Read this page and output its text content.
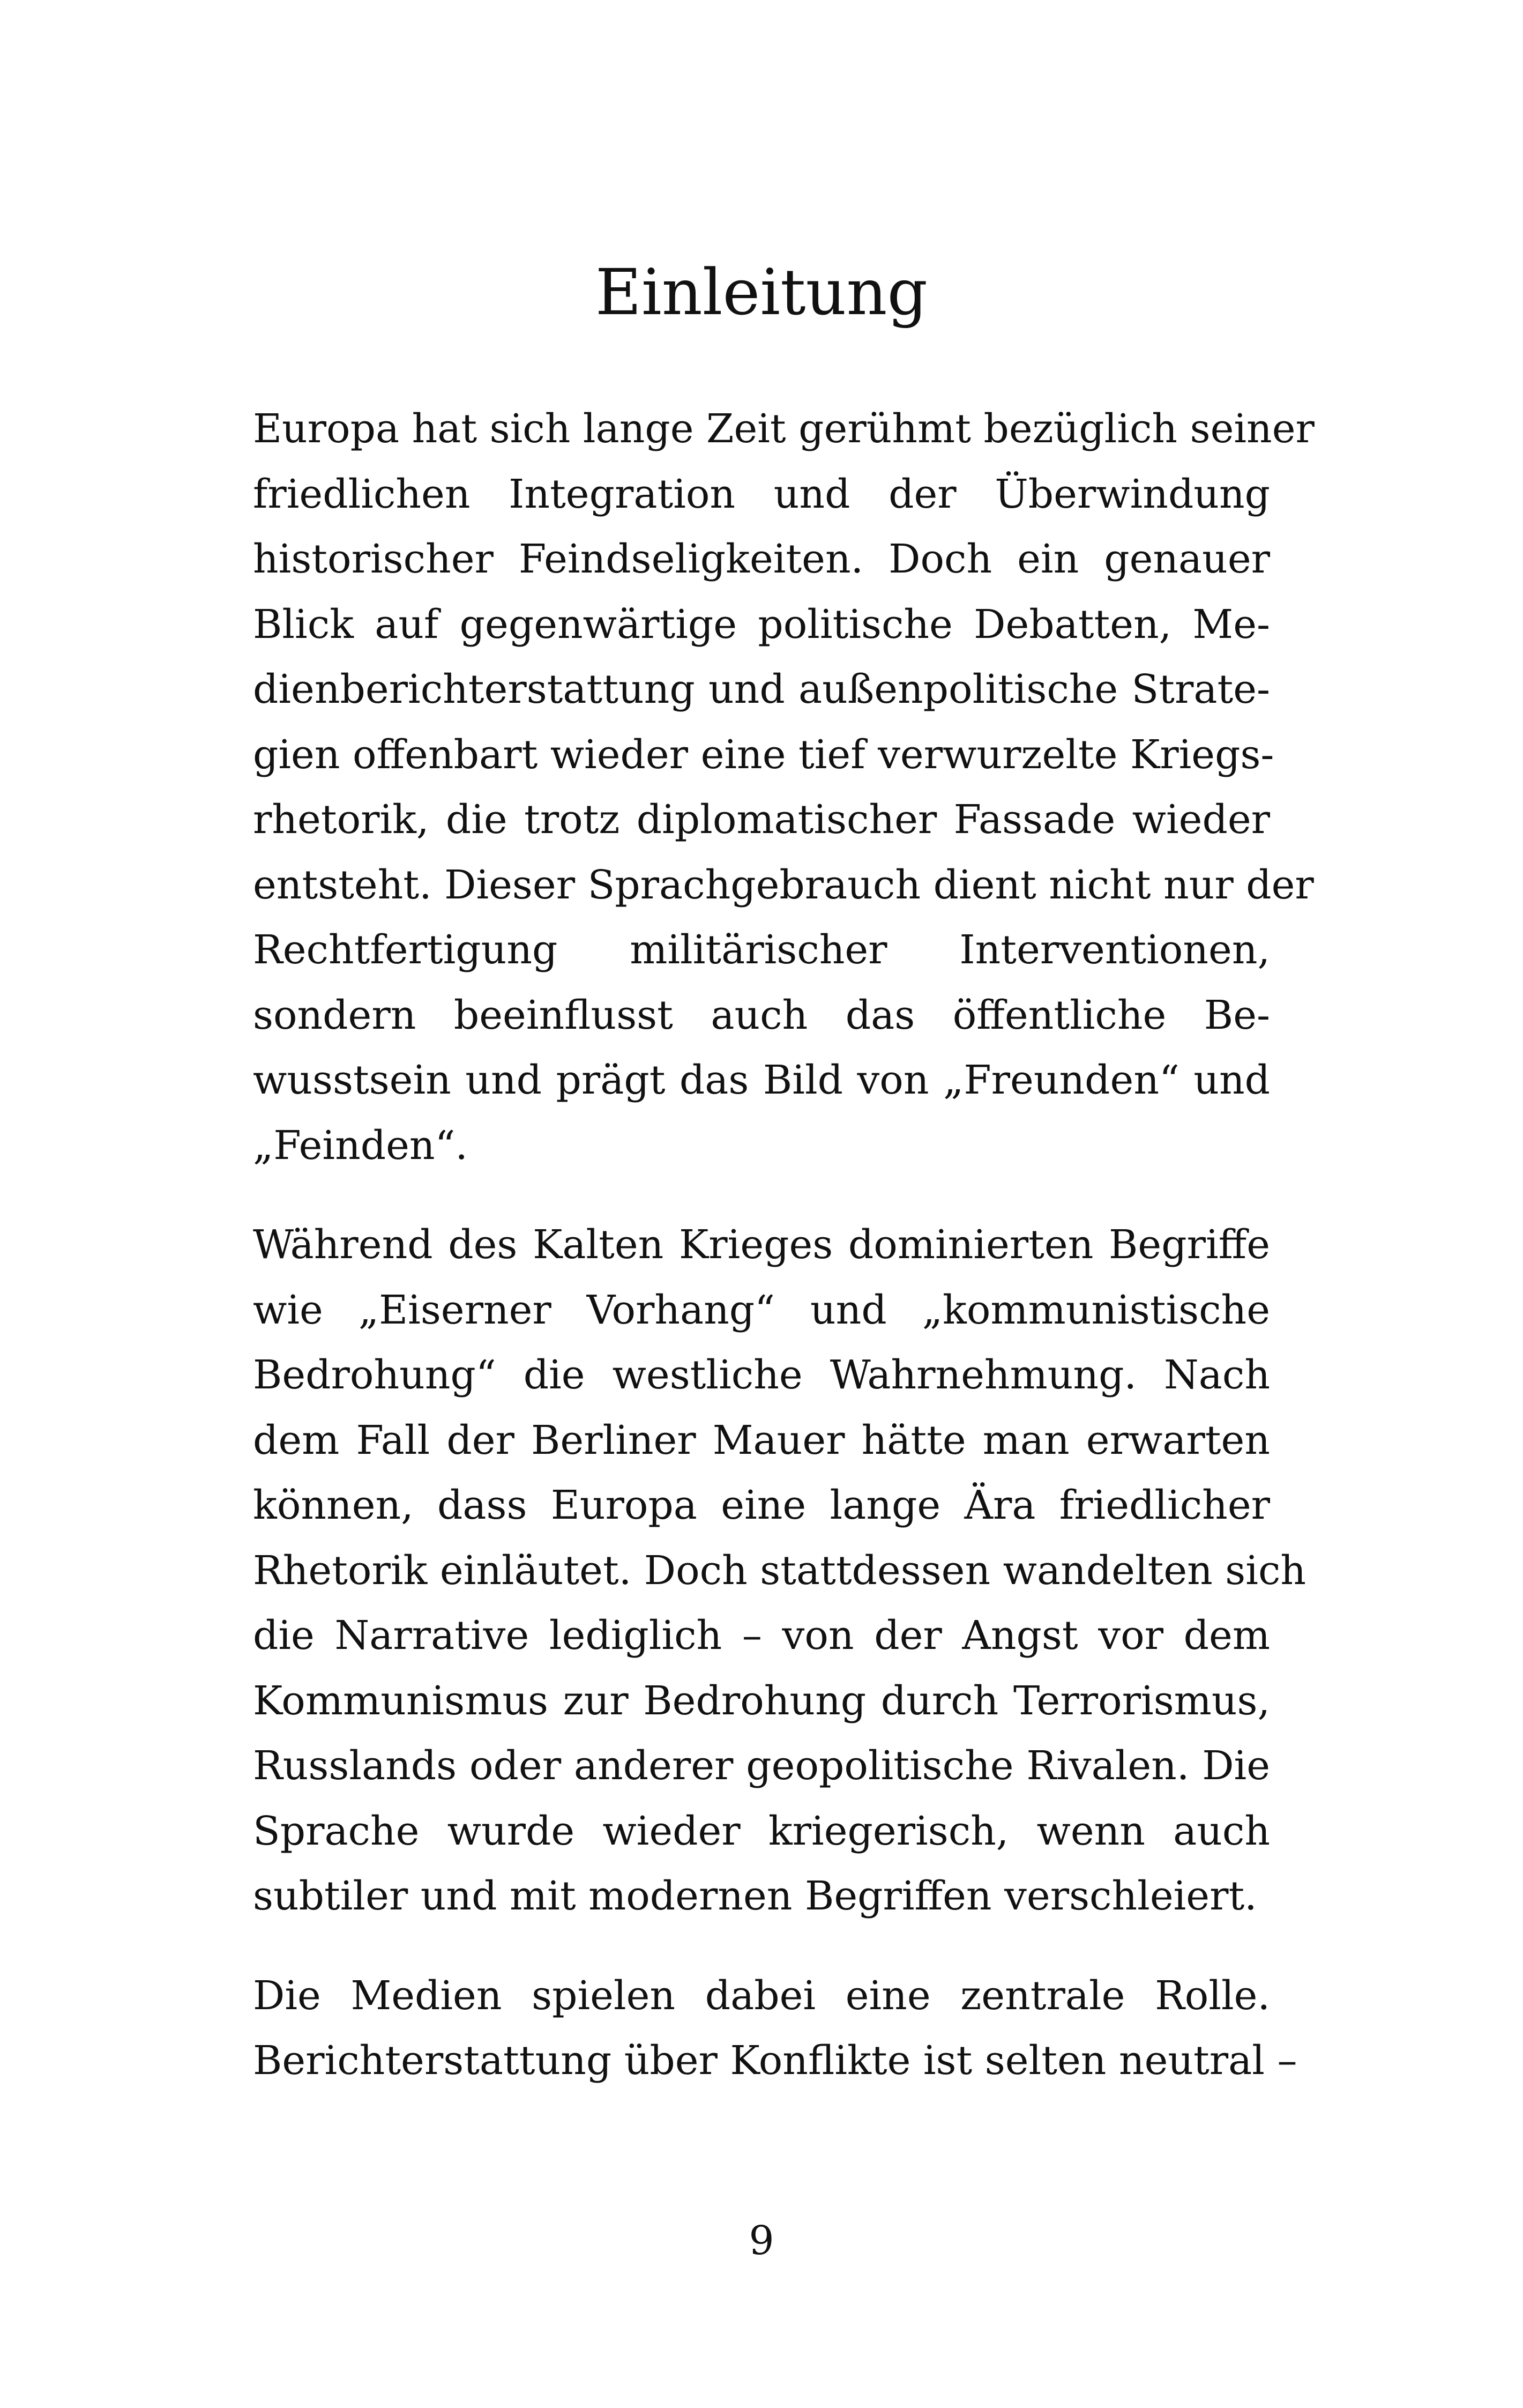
Einleitung
Europa hat sich lange Zeit gerühmt bezüglich seiner
friedlichen Integration und der Überwindung
historischer Feindseligkeiten. Doch ein genauer
Blick auf gegenwärtige politische Debatten, Me-
dienberichterstattung und außenpolitische Strate-
gien offenbart wieder eine tief verwurzelte Kriegs-
rhetorik, die trotz diplomatischer Fassade wieder
entsteht. Dieser Sprachgebrauch dient nicht nur der
Rechtfertigung militärischer Interventionen,
sondern beeinflusst auch das öffentliche Be-
wusstsein und prägt das Bild von „Freunden“ und
„Feinden“.
Während des Kalten Krieges dominierten Begriffe
wie „Eiserner Vorhang“ und „kommunistische
Bedrohung“ die westliche Wahrnehmung. Nach
dem Fall der Berliner Mauer hätte man erwarten
können, dass Europa eine lange Ära friedlicher
Rhetorik einläutet. Doch stattdessen wandelten sich
die Narrative lediglich – von der Angst vor dem
Kommunismus zur Bedrohung durch Terrorismus,
Russlands oder anderer geopolitische Rivalen. Die
Sprache wurde wieder kriegerisch, wenn auch
subtiler und mit modernen Begriffen verschleiert.
Die Medien spielen dabei eine zentrale Rolle.
Berichterstattung über Konflikte ist selten neutral –
9
